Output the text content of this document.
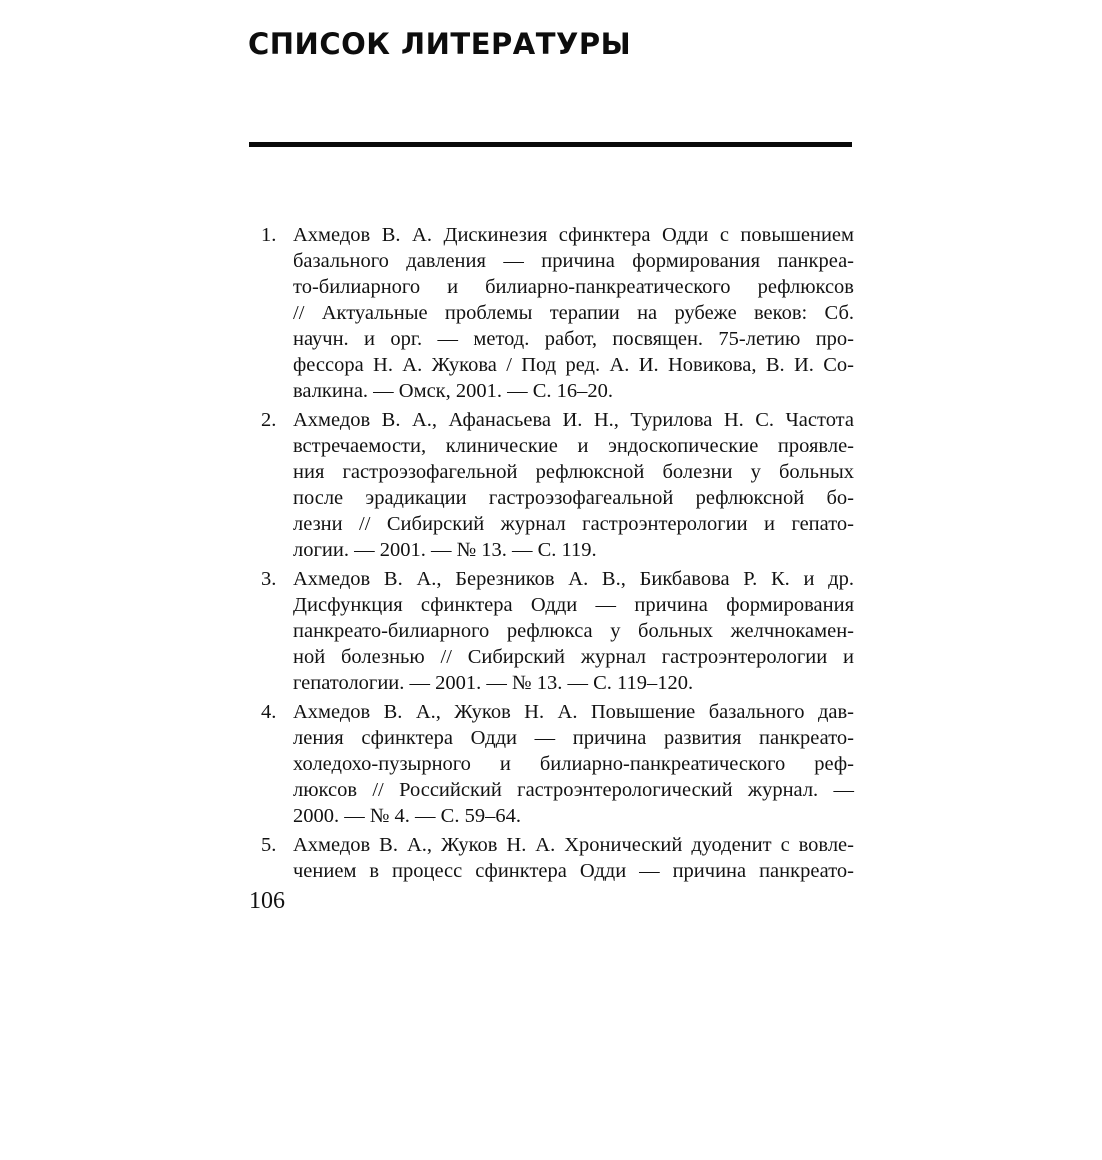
СПИСОК ЛИТЕРАТУРЫ
1. Ахмедов В. А. Дискинезия сфинктера Одди с повышением
базального давления — причина формирования панкреа-
то-билиарного и билиарно-панкреатического рефлюксов
// Актуальные проблемы терапии на рубеже веков: Сб.
научн. и орг. — метод. работ, посвящен. 75-летию про-
фессора Н. А. Жукова / Под ред. А. И. Новикова, В. И. Со-
валкина. — Омск, 2001. — С. 16–20.
2. Ахмедов В. А., Афанасьева И. Н., Турилова Н. С. Частота
встречаемости, клинические и эндоскопические проявле-
ния гастроэзофагельной рефлюксной болезни у больных
после эрадикации гастроэзофагеальной рефлюксной бо-
лезни // Сибирский журнал гастроэнтерологии и гепато-
логии. — 2001. — № 13. — С. 119.
3. Ахмедов В. А., Березников А. В., Бикбавова Р. К. и др.
Дисфункция сфинктера Одди — причина формирования
панкреато-билиарного рефлюкса у больных желчнокамен-
ной болезнью // Сибирский журнал гастроэнтерологии и
гепатологии. — 2001. — № 13. — С. 119–120.
4. Ахмедов В. А., Жуков Н. А. Повышение базального дав-
ления сфинктера Одди — причина развития панкреато-
холедохо-пузырного и билиарно-панкреатического реф-
люксов // Российский гастроэнтерологический журнал. —
2000. — № 4. — С. 59–64.
5. Ахмедов В. А., Жуков Н. А. Хронический дуоденит с вовле-
чением в процесс сфинктера Одди — причина панкреато-
106
